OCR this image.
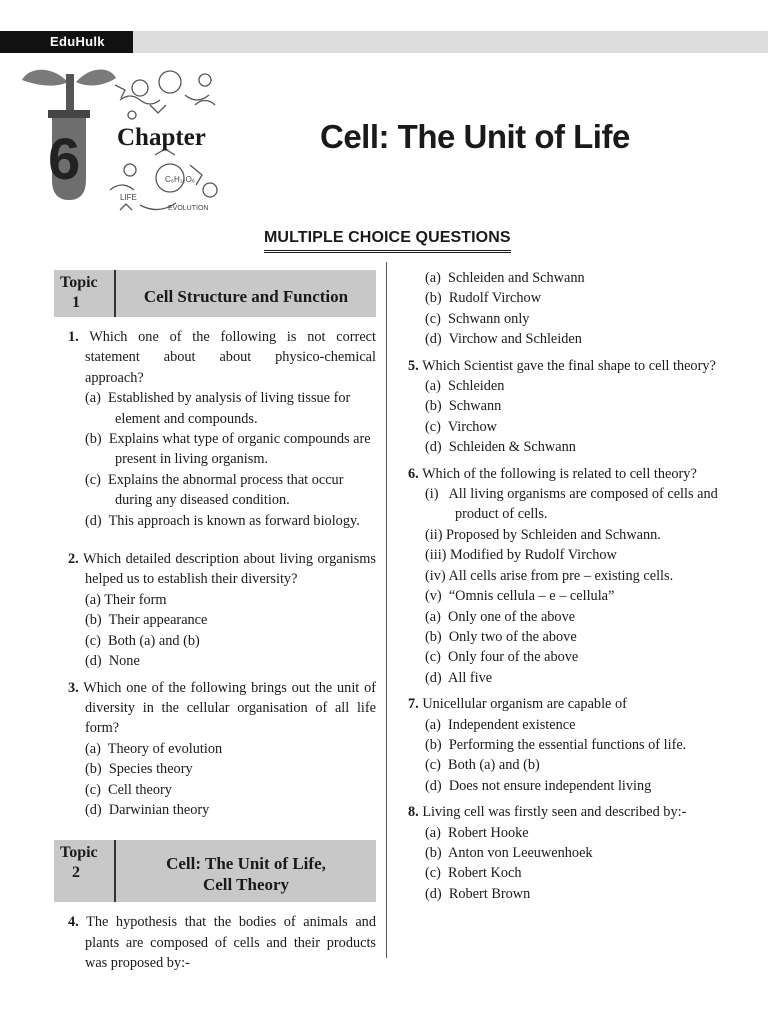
EduHulk
C₆H₁₂O₆
LIFE
EVOLUTION
6 Chapter	Cell: The Unit of Life
MULTIPLE CHOICE QUESTIONS
Topic
1	Cell Structure and Function
1. Which one of the following is not correct statement about about physico-chemical approach?
(a) Established by analysis of living tissue for element and compounds.
(b) Explains what type of organic compounds are present in living organism.
(c) Explains the abnormal process that occur during any diseased condition.
(d) This approach is known as forward biology.
2. Which detailed description about living organisms helped us to establish their diversity?
(a) Their form
(b) Their appearance
(c) Both (a) and (b)
(d) None
3. Which one of the following brings out the unit of diversity in the cellular organisation of all life form?
(a) Theory of evolution
(b) Species theory
(c) Cell theory
(d) Darwinian theory
Topic
2	Cell: The Unit of Life,
Cell Theory
4. The hypothesis that the bodies of animals and plants are composed of cells and their products was proposed by:-
(a) Schleiden and Schwann
(b) Rudolf Virchow
(c) Schwann only
(d) Virchow and Schleiden
5. Which Scientist gave the final shape to cell theory?
(a) Schleiden
(b) Schwann
(c) Virchow
(d) Schleiden & Schwann
6. Which of the following is related to cell theory?
(i) All living organisms are composed of cells and product of cells.
(ii) Proposed by Schleiden and Schwann.
(iii) Modified by Rudolf Virchow
(iv) All cells arise from pre – existing cells.
(v) “Omnis cellula – e – cellula”
(a) Only one of the above
(b) Only two of the above
(c) Only four of the above
(d) All five
7. Unicellular organism are capable of
(a) Independent existence
(b) Performing the essential functions of life.
(c) Both (a) and (b)
(d) Does not ensure independent living
8. Living cell was firstly seen and described by:-
(a) Robert Hooke
(b) Anton von Leeuwenhoek
(c) Robert Koch
(d) Robert Brown
